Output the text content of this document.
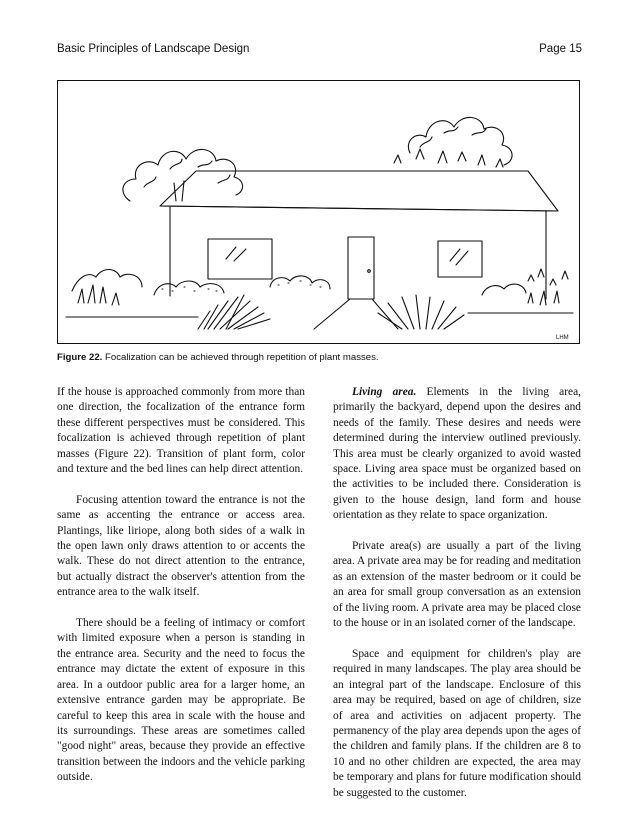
Basic Principles of Landscape Design	Page 15
LHM
Figure 22. Focalization can be achieved through repetition of plant masses.

If the house is approached commonly from more than one direction, the focalization of the entrance form these different perspectives must be considered. This focalization is achieved through repetition of plant masses (Figure 22). Transition of plant form, color and texture and the bed lines can help direct attention.

Focusing attention toward the entrance is not the same as accenting the entrance or access area. Plantings, like liriope, along both sides of a walk in the open lawn only draws attention to or accents the walk. These do not direct attention to the entrance, but actually distract the observer's attention from the entrance area to the walk itself.

There should be a feeling of intimacy or comfort with limited exposure when a person is standing in the entrance area. Security and the need to focus the entrance may dictate the extent of exposure in this area. In a outdoor public area for a larger home, an extensive entrance garden may be appropriate. Be careful to keep this area in scale with the house and its surroundings. These areas are sometimes called "good night" areas, because they provide an effective transition between the indoors and the vehicle parking outside.

Living area. Elements in the living area, primarily the backyard, depend upon the desires and needs of the family. These desires and needs were determined during the interview outlined previously. This area must be clearly organized to avoid wasted space. Living area space must be organized based on the activities to be included there. Consideration is given to the house design, land form and house orientation as they relate to space organization.

Private area(s) are usually a part of the living area. A private area may be for reading and meditation as an extension of the master bedroom or it could be an area for small group conversation as an extension of the living room. A private area may be placed close to the house or in an isolated corner of the landscape.

Space and equipment for children's play are required in many landscapes. The play area should be an integral part of the landscape. Enclosure of this area may be required, based on age of children, size of area and activities on adjacent property. The permanency of the play area depends upon the ages of the children and family plans. If the children are 8 to 10 and no other children are expected, the area may be temporary and plans for future modification should be suggested to the customer.
